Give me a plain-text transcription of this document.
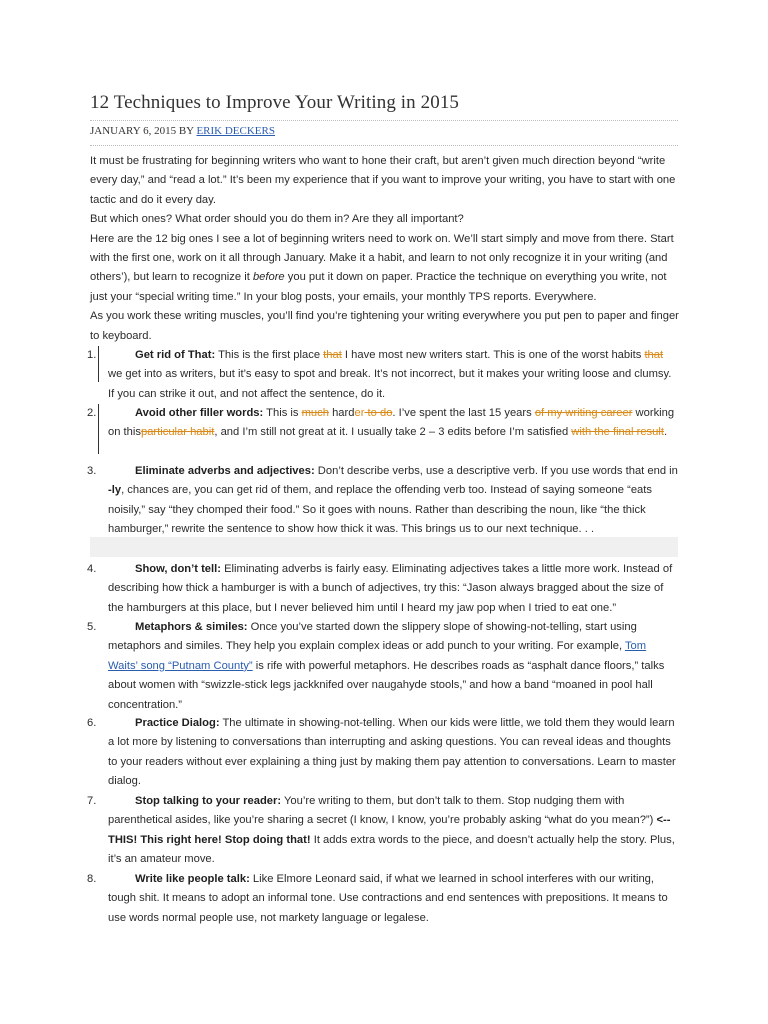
12 Techniques to Improve Your Writing in 2015
JANUARY 6, 2015 BY ERIK DECKERS

It must be frustrating for beginning writers who want to hone their craft, but aren’t given much direction beyond “write every day,” and “read a lot.” It’s been my experience that if you want to improve your writing, you have to start with one tactic and do it every day.

But which ones? What order should you do them in? Are they all important?

Here are the 12 big ones I see a lot of beginning writers need to work on. We’ll start simply and move from there. Start with the first one, work on it all through January. Make it a habit, and learn to not only recognize it in your writing (and others’), but learn to recognize it before you put it down on paper. Practice the technique on everything you write, not just your “special writing time.” In your blog posts, your emails, your monthly TPS reports. Everywhere.

As you work these writing muscles, you’ll find you’re tightening your writing everywhere you put pen to paper and finger to keyboard.

1.	Get rid of That: This is the first place that I have most new writers start. This is one of the worst habits that we get into as writers, but it’s easy to spot and break. It’s not incorrect, but it makes your writing loose and clumsy. If you can strike it out, and not affect the sentence, do it.
2.	Avoid other filler words: This is much harder to do. I’ve spent the last 15 years of my writing career working on thisparticular habit, and I’m still not great at it. I usually take 2 – 3 edits before I’m satisfied with the final result.
3.	Eliminate adverbs and adjectives: Don’t describe verbs, use a descriptive verb. If you use words that end in -ly, chances are, you can get rid of them, and replace the offending verb too. Instead of saying someone “eats noisily,” say “they chomped their food.” So it goes with nouns. Rather than describing the noun, like “the thick hamburger,” rewrite the sentence to show how thick it was. This brings us to our next technique. . .
4.	Show, don’t tell: Eliminating adverbs is fairly easy. Eliminating adjectives takes a little more work. Instead of describing how thick a hamburger is with a bunch of adjectives, try this: “Jason always bragged about the size of the hamburgers at this place, but I never believed him until I heard my jaw pop when I tried to eat one.”
5.	Metaphors & similes: Once you’ve started down the slippery slope of showing-not-telling, start using metaphors and similes. They help you explain complex ideas or add punch to your writing. For example, Tom Waits’ song “Putnam County” is rife with powerful metaphors. He describes roads as “asphalt dance floors,” talks about women with “swizzle-stick legs jackknifed over naugahyde stools,” and how a band “moaned in pool hall concentration.”
6.	Practice Dialog: The ultimate in showing-not-telling. When our kids were little, we told them they would learn a lot more by listening to conversations than interrupting and asking questions. You can reveal ideas and thoughts to your readers without ever explaining a thing just by making them pay attention to conversations. Learn to master dialog.
7.	Stop talking to your reader: You’re writing to them, but don’t talk to them. Stop nudging them with parenthetical asides, like you’re sharing a secret (I know, I know, you’re probably asking “what do you mean?”) <-- THIS! This right here! Stop doing that! It adds extra words to the piece, and doesn’t actually help the story. Plus, it’s an amateur move.
8.	Write like people talk: Like Elmore Leonard said, if what we learned in school interferes with our writing, tough shit. It means to adopt an informal tone. Use contractions and end sentences with prepositions. It means to use words normal people use, not markety language or legalese.
